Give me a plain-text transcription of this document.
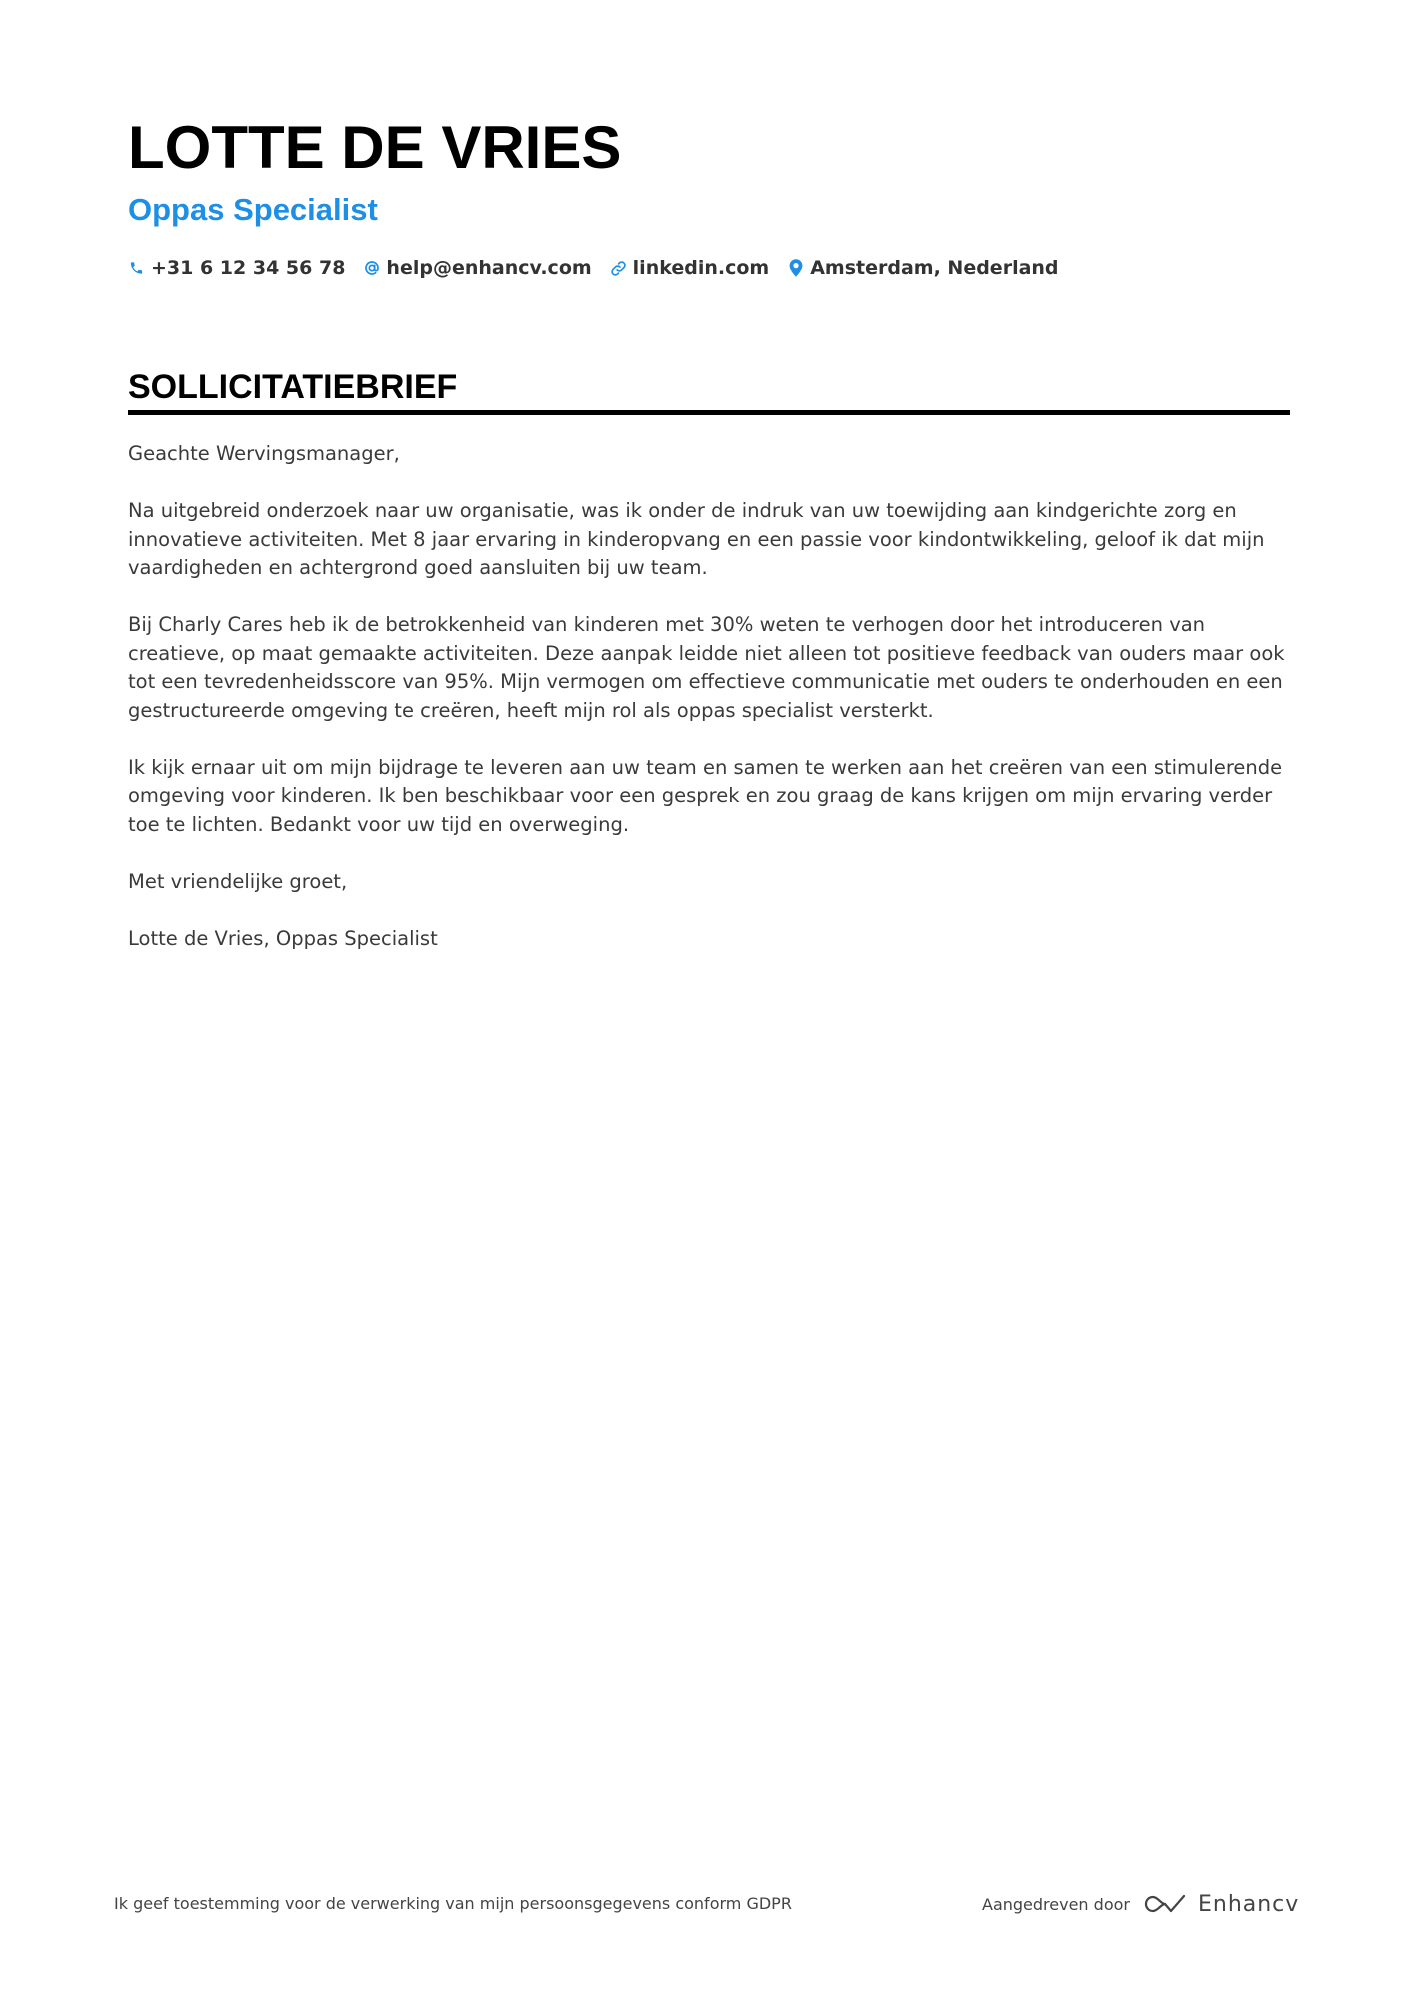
LOTTE DE VRIES
Oppas Specialist
+31 6 12 34 56 78 help@enhancv.com linkedin.com Amsterdam, Nederland
SOLLICITATIEBRIEF

Geachte Wervingsmanager,

Na uitgebreid onderzoek naar uw organisatie, was ik onder de indruk van uw toewijding aan kindgerichte zorg en innovatieve activiteiten. Met 8 jaar ervaring in kinderopvang en een passie voor kindontwikkeling, geloof ik dat mijn vaardigheden en achtergrond goed aansluiten bij uw team.

Bij Charly Cares heb ik de betrokkenheid van kinderen met 30% weten te verhogen door het introduceren van creatieve, op maat gemaakte activiteiten. Deze aanpak leidde niet alleen tot positieve feedback van ouders maar ook tot een tevredenheidsscore van 95%. Mijn vermogen om effectieve communicatie met ouders te onderhouden en een gestructureerde omgeving te creëren, heeft mijn rol als oppas specialist versterkt.

Ik kijk ernaar uit om mijn bijdrage te leveren aan uw team en samen te werken aan het creëren van een stimulerende omgeving voor kinderen. Ik ben beschikbaar voor een gesprek en zou graag de kans krijgen om mijn ervaring verder toe te lichten. Bedankt voor uw tijd en overweging.

Met vriendelijke groet,

Lotte de Vries, Oppas Specialist

Ik geef toestemming voor de verwerking van mijn persoonsgegevens conform GDPR	Aangedreven door	Enhancv
